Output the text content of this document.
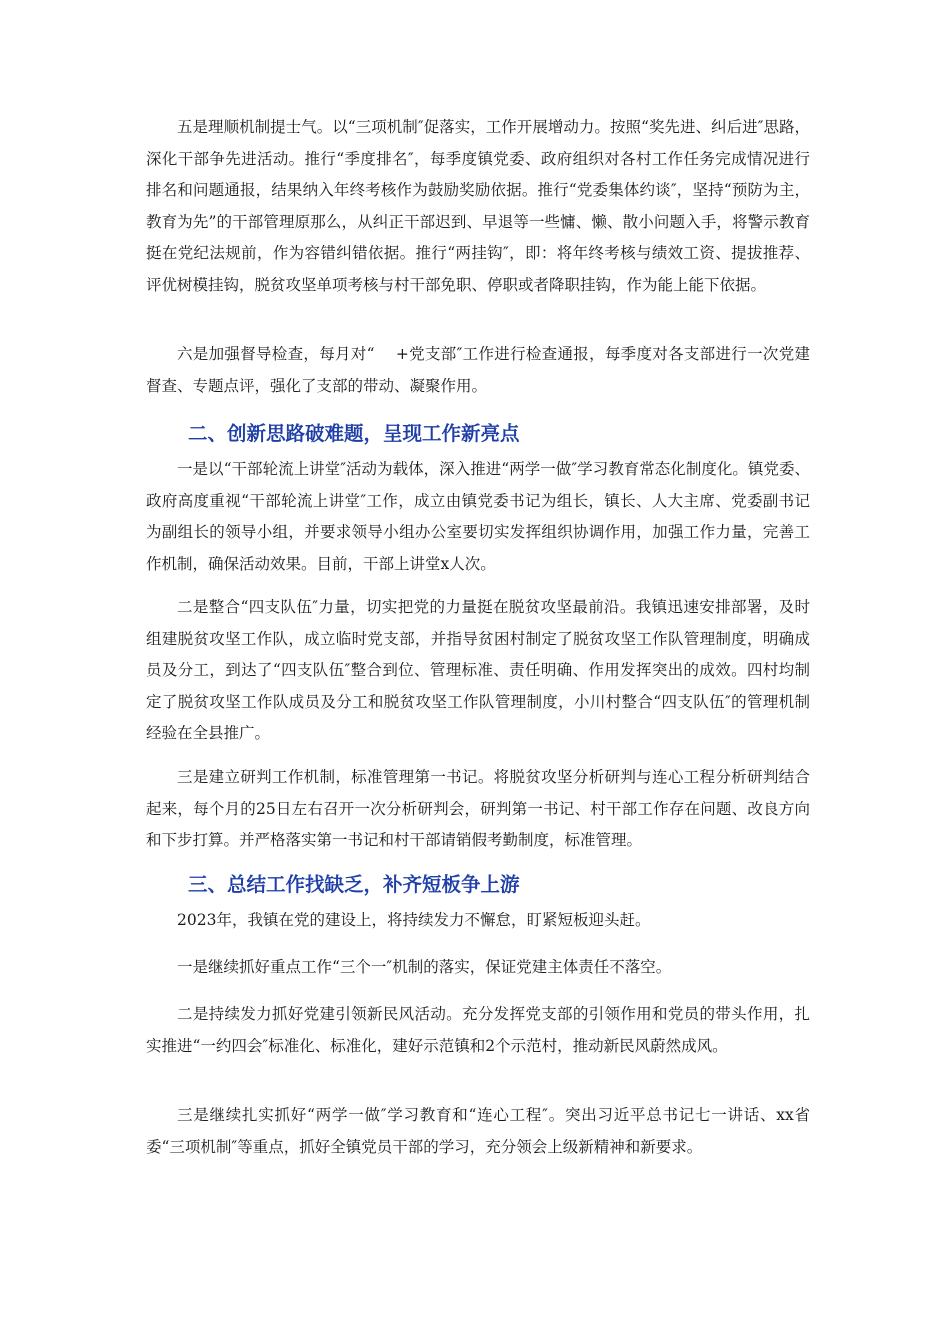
五是理顺机制提士气。以“三项机制″促落实，工作开展增动力。按照“奖先进、纠后进″思路，深化干部争先进活动。推行“季度排名″，每季度镇党委、政府组织对各村工作任务完成情况进行排名和问题通报，结果纳入年终考核作为鼓励奖励依据。推行“党委集体约谈″，坚持“预防为主，教育为先”的干部管理原那么，从纠正干部迟到、早退等一些慵、懒、散小问题入手，将警示教育挺在党纪法规前，作为容错纠错依据。推行“两挂钩″，即：将年终考核与绩效工资、提拔推荐、评优树模挂钩，脱贫攻坚单项考核与村干部免职、停职或者降职挂钩，作为能上能下依据。

六是加强督导检查，每月对“　 +党支部″工作进行检查通报，每季度对各支部进行一次党建督查、专题点评，强化了支部的带动、凝聚作用。

二、创新思路破难题，呈现工作新亮点

一是以“干部轮流上讲堂″活动为载体，深入推进“两学一做″学习教育常态化制度化。镇党委、政府高度重视“干部轮流上讲堂″工作，成立由镇党委书记为组长，镇长、人大主席、党委副书记为副组长的领导小组，并要求领导小组办公室要切实发挥组织协调作用，加强工作力量，完善工作机制，确保活动效果。目前，干部上讲堂x人次。

二是整合“四支队伍″力量，切实把党的力量挺在脱贫攻坚最前沿。我镇迅速安排部署，及时组建脱贫攻坚工作队，成立临时党支部，并指导贫困村制定了脱贫攻坚工作队管理制度，明确成员及分工，到达了“四支队伍″整合到位、管理标准、责任明确、作用发挥突出的成效。四村均制定了脱贫攻坚工作队成员及分工和脱贫攻坚工作队管理制度，小川村整合“四支队伍″的管理机制经验在全县推广。

三是建立研判工作机制，标准管理第一书记。将脱贫攻坚分析研判与连心工程分析研判结合起来，每个月的25日左右召开一次分析研判会，研判第一书记、村干部工作存在问题、改良方向和下步打算。并严格落实第一书记和村干部请销假考勤制度，标准管理。

三、总结工作找缺乏，补齐短板争上游

2023年，我镇在党的建设上，将持续发力不懈怠，盯紧短板迎头赶。

一是继续抓好重点工作“三个一″机制的落实，保证党建主体责任不落空。

二是持续发力抓好党建引领新民风活动。充分发挥党支部的引领作用和党员的带头作用，扎实推进“一约四会″标准化、标准化，建好示范镇和2个示范村，推动新民风蔚然成风。

三是继续扎实抓好“两学一做″学习教育和“连心工程″。突出习近平总书记七一讲话、xx省委“三项机制″等重点，抓好全镇党员干部的学习，充分领会上级新精神和新要求。
